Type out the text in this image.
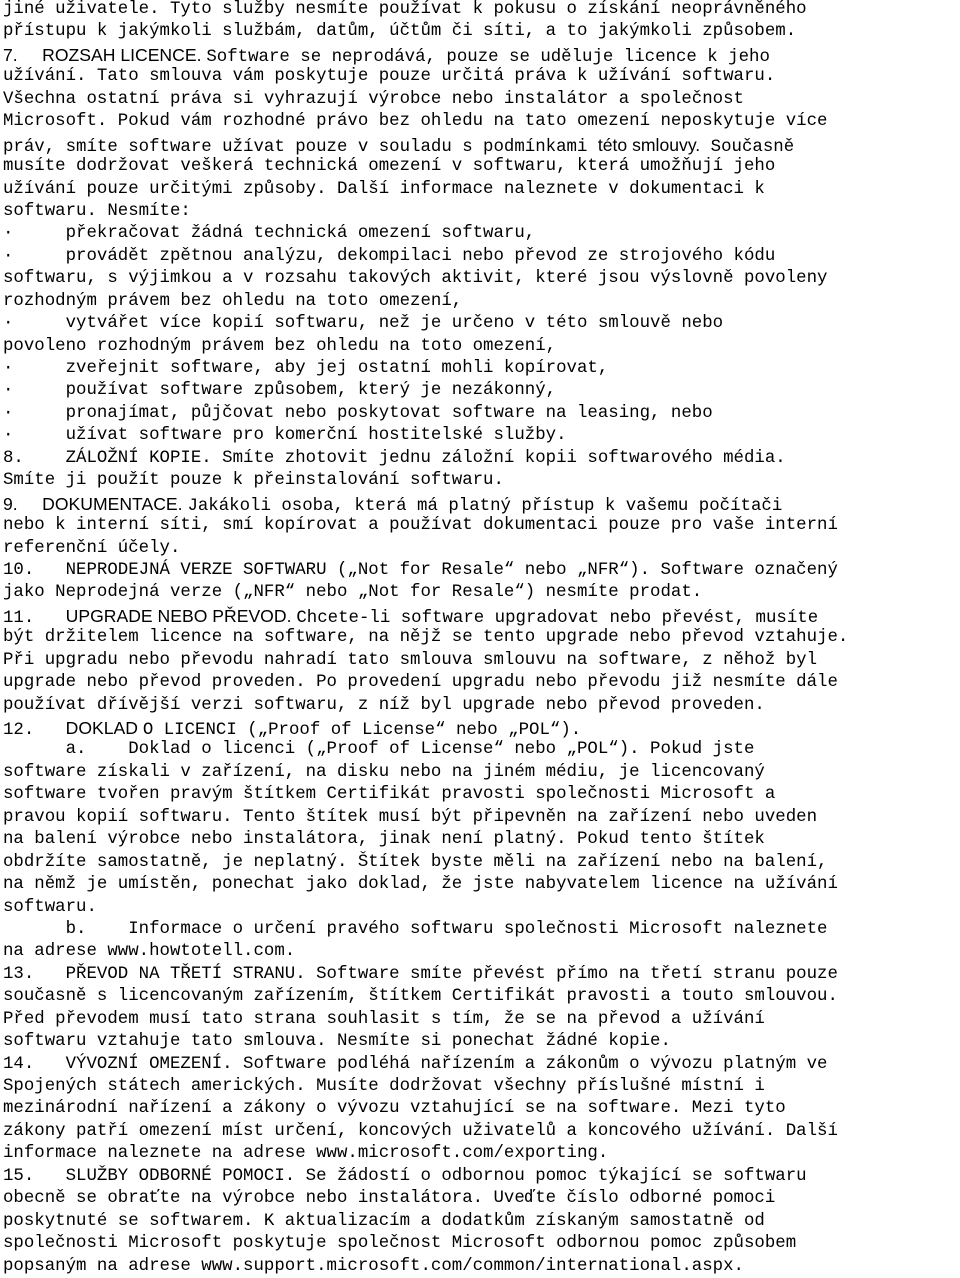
jiné uživatele. Tyto služby nesmíte používat k pokusu o získání neoprávněného
přístupu k jakýmkoli službám, datům, účtům či síti, a to jakýmkoli způsobem.
7.     ROZSAH LICENCE. Software se neprodává, pouze se uděluje licence k jeho
užívání. Tato smlouva vám poskytuje pouze určitá práva k užívání softwaru.
Všechna ostatní práva si vyhrazují výrobce nebo instalátor a společnost
Microsoft. Pokud vám rozhodné právo bez ohledu na tato omezení neposkytuje více
práv, smíte software užívat pouze v souladu s podmínkami této smlouvy. Současně
musíte dodržovat veškerá technická omezení v softwaru, která umožňují jeho
užívání pouze určitými způsoby. Další informace naleznete v dokumentaci k
softwaru. Nesmíte:
·     překračovat žádná technická omezení softwaru,
·     provádět zpětnou analýzu, dekompilaci nebo převod ze strojového kódu
softwaru, s výjimkou a v rozsahu takových aktivit, které jsou výslovně povoleny
rozhodným právem bez ohledu na toto omezení,
·     vytvářet více kopií softwaru, než je určeno v této smlouvě nebo
povoleno rozhodným právem bez ohledu na toto omezení,
·     zveřejnit software, aby jej ostatní mohli kopírovat,
·     používat software způsobem, který je nezákonný,
·     pronajímat, půjčovat nebo poskytovat software na leasing, nebo
·     užívat software pro komerční hostitelské služby.
8.    ZÁLOŽNÍ KOPIE. Smíte zhotovit jednu záložní kopii softwarového média.
Smíte ji použít pouze k přeinstalování softwaru.
9.     DOKUMENTACE. Jakákoli osoba, která má platný přístup k vašemu počítači
nebo k interní síti, smí kopírovat a používat dokumentaci pouze pro vaše interní
referenční účely.
10.   NEPRODEJNÁ VERZE SOFTWARU („Not for Resale“ nebo „NFR“). Software označený
jako Neprodejná verze („NFR“ nebo „Not for Resale“) nesmíte prodat.
11.   UPGRADE NEBO PŘEVOD. Chcete-li software upgradovat nebo převést, musíte
být držitelem licence na software, na nějž se tento upgrade nebo převod vztahuje.
Při upgradu nebo převodu nahradí tato smlouva smlouvu na software, z něhož byl
upgrade nebo převod proveden. Po provedení upgradu nebo převodu již nesmíte dále
používat dřívější verzi softwaru, z níž byl upgrade nebo převod proveden.
12.   DOKLAD O LICENCI („Proof of License“ nebo „POL“).
a.    Doklad o licenci („Proof of License“ nebo „POL“). Pokud jste
software získali v zařízení, na disku nebo na jiném médiu, je licencovaný
software tvořen pravým štítkem Certifikát pravosti společnosti Microsoft a
pravou kopií softwaru. Tento štítek musí být připevněn na zařízení nebo uveden
na balení výrobce nebo instalátora, jinak není platný. Pokud tento štítek
obdržíte samostatně, je neplatný. Štítek byste měli na zařízení nebo na balení,
na němž je umístěn, ponechat jako doklad, že jste nabyvatelem licence na užívání
softwaru.
b.    Informace o určení pravého softwaru společnosti Microsoft naleznete
na adrese www.howtotell.com.
13.   PŘEVOD NA TŘETÍ STRANU. Software smíte převést přímo na třetí stranu pouze
současně s licencovaným zařízením, štítkem Certifikát pravosti a touto smlouvou.
Před převodem musí tato strana souhlasit s tím, že se na převod a užívání
softwaru vztahuje tato smlouva. Nesmíte si ponechat žádné kopie.
14.   VÝVOZNÍ OMEZENÍ. Software podléhá nařízením a zákonům o vývozu platným ve
Spojených státech amerických. Musíte dodržovat všechny příslušné místní i
mezinárodní nařízení a zákony o vývozu vztahující se na software. Mezi tyto
zákony patří omezení míst určení, koncových uživatelů a koncového užívání. Další
informace naleznete na adrese www.microsoft.com/exporting.
15.   SLUŽBY ODBORNÉ POMOCI. Se žádostí o odbornou pomoc týkající se softwaru
obecně se obraťte na výrobce nebo instalátora. Uveďte číslo odborné pomoci
poskytnuté se softwarem. K aktualizacím a dodatkům získaným samostatně od
společnosti Microsoft poskytuje společnost Microsoft odbornou pomoc způsobem
popsaným na adrese www.support.microsoft.com/common/international.aspx.
